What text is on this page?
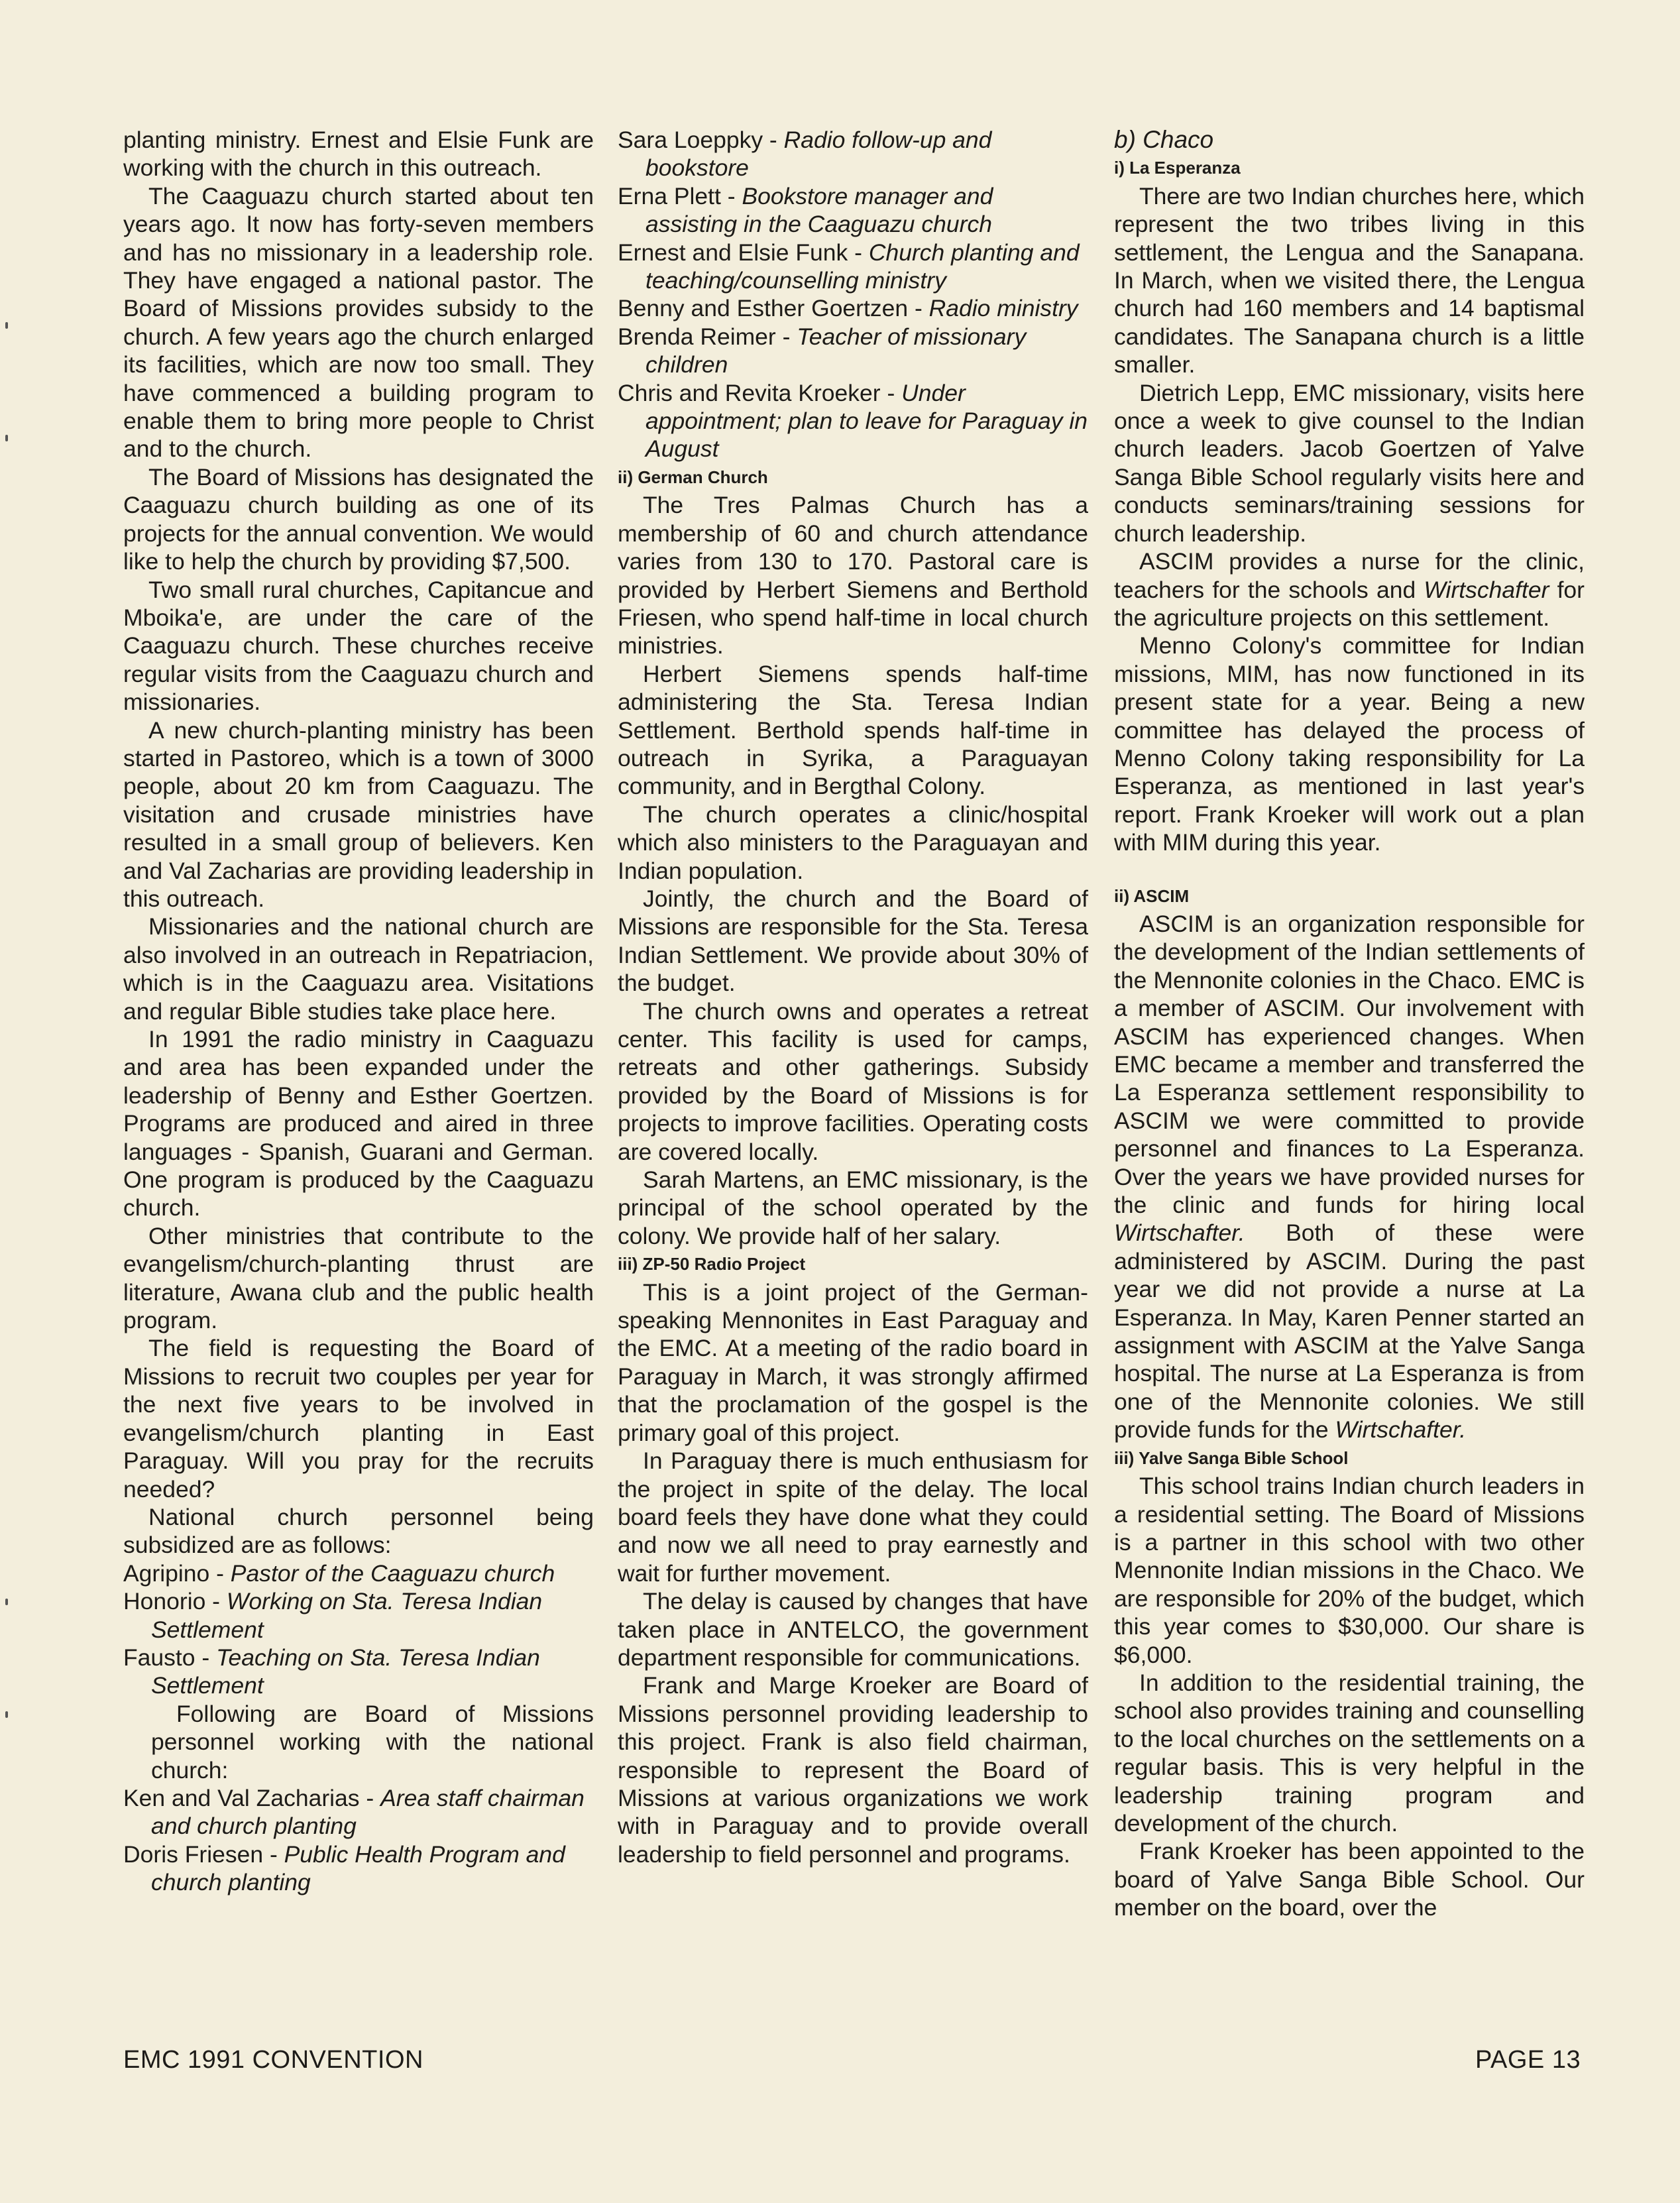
planting ministry. Ernest and Elsie Funk are working with the church in this outreach.

The Caaguazu church started about ten years ago. It now has forty-seven members and has no missionary in a leadership role. They have engaged a national pastor. The Board of Missions provides subsidy to the church. A few years ago the church enlarged its facilities, which are now too small. They have commenced a building program to enable them to bring more people to Christ and to the church.

The Board of Missions has designated the Caaguazu church building as one of its projects for the annual convention. We would like to help the church by providing $7,500.

Two small rural churches, Capitancue and Mboika'e, are under the care of the Caaguazu church. These churches receive regular visits from the Caaguazu church and missionaries.

A new church-planting ministry has been started in Pastoreo, which is a town of 3000 people, about 20 km from Caaguazu. The visitation and crusade ministries have resulted in a small group of believers. Ken and Val Zacharias are providing leadership in this outreach.

Missionaries and the national church are also involved in an outreach in Repatriacion, which is in the Caaguazu area. Visitations and regular Bible studies take place here.

In 1991 the radio ministry in Caaguazu and area has been expanded under the leadership of Benny and Esther Goertzen. Programs are produced and aired in three languages - Spanish, Guarani and German. One program is produced by the Caaguazu church.

Other ministries that contribute to the evangelism/church-planting thrust are literature, Awana club and the public health program.

The field is requesting the Board of Missions to recruit two couples per year for the next five years to be involved in evangelism/church planting in East Paraguay. Will you pray for the recruits needed?

National church personnel being subsidized are as follows:

Agripino - Pastor of the Caaguazu church

Honorio - Working on Sta. Teresa Indian Settlement

Fausto - Teaching on Sta. Teresa Indian Settlement

Following are Board of Missions personnel working with the national church:

Ken and Val Zacharias - Area staff chairman and church planting

Doris Friesen - Public Health Program and church planting

Sara Loeppky - Radio follow-up and bookstore

Erna Plett - Bookstore manager and assisting in the Caaguazu church

Ernest and Elsie Funk - Church planting and teaching/counselling ministry

Benny and Esther Goertzen - Radio ministry

Brenda Reimer - Teacher of missionary children

Chris and Revita Kroeker - Under appointment; plan to leave for Paraguay in August

ii) German Church

The Tres Palmas Church has a membership of 60 and church attendance varies from 130 to 170. Pastoral care is provided by Herbert Siemens and Berthold Friesen, who spend half-time in local church ministries.

Herbert Siemens spends half-time administering the Sta. Teresa Indian Settlement. Berthold spends half-time in outreach in Syrika, a Paraguayan community, and in Bergthal Colony.

The church operates a clinic/hospital which also ministers to the Paraguayan and Indian population.

Jointly, the church and the Board of Missions are responsible for the Sta. Teresa Indian Settlement. We provide about 30% of the budget.

The church owns and operates a retreat center. This facility is used for camps, retreats and other gatherings. Subsidy provided by the Board of Missions is for projects to improve facilities. Operating costs are covered locally.

Sarah Martens, an EMC missionary, is the principal of the school operated by the colony. We provide half of her salary.

iii) ZP-50 Radio Project

This is a joint project of the German-speaking Mennonites in East Paraguay and the EMC. At a meeting of the radio board in Paraguay in March, it was strongly affirmed that the proclamation of the gospel is the primary goal of this project.

In Paraguay there is much enthusiasm for the project in spite of the delay. The local board feels they have done what they could and now we all need to pray earnestly and wait for further movement.

The delay is caused by changes that have taken place in ANTELCO, the government department responsible for communications.

Frank and Marge Kroeker are Board of Missions personnel providing leadership to this project. Frank is also field chairman, responsible to represent the Board of Missions at various organizations we work with in Paraguay and to provide overall leadership to field personnel and programs.

b) Chaco
i) La Esperanza

There are two Indian churches here, which represent the two tribes living in this settlement, the Lengua and the Sanapana. In March, when we visited there, the Lengua church had 160 members and 14 baptismal candidates. The Sanapana church is a little smaller.

Dietrich Lepp, EMC missionary, visits here once a week to give counsel to the Indian church leaders. Jacob Goertzen of Yalve Sanga Bible School regularly visits here and conducts seminars/training sessions for church leadership.

ASCIM provides a nurse for the clinic, teachers for the schools and Wirtschafter for the agriculture projects on this settlement.

Menno Colony's committee for Indian missions, MIM, has now functioned in its present state for a year. Being a new committee has delayed the process of Menno Colony taking responsibility for La Esperanza, as mentioned in last year's report. Frank Kroeker will work out a plan with MIM during this year.

ii) ASCIM

ASCIM is an organization responsible for the development of the Indian settlements of the Mennonite colonies in the Chaco. EMC is a member of ASCIM. Our involvement with ASCIM has experienced changes. When EMC became a member and transferred the La Esperanza settlement responsibility to ASCIM we were committed to provide personnel and finances to La Esperanza. Over the years we have provided nurses for the clinic and funds for hiring local Wirtschafter. Both of these were administered by ASCIM. During the past year we did not provide a nurse at La Esperanza. In May, Karen Penner started an assignment with ASCIM at the Yalve Sanga hospital. The nurse at La Esperanza is from one of the Mennonite colonies. We still provide funds for the Wirtschafter.

iii) Yalve Sanga Bible School

This school trains Indian church leaders in a residential setting. The Board of Missions is a partner in this school with two other Mennonite Indian missions in the Chaco. We are responsible for 20% of the budget, which this year comes to $30,000. Our share is $6,000.

In addition to the residential training, the school also provides training and counselling to the local churches on the settlements on a regular basis. This is very helpful in the leadership training program and development of the church.

Frank Kroeker has been appointed to the board of Yalve Sanga Bible School. Our member on the board, over the

EMC 1991 CONVENTION	PAGE 13
